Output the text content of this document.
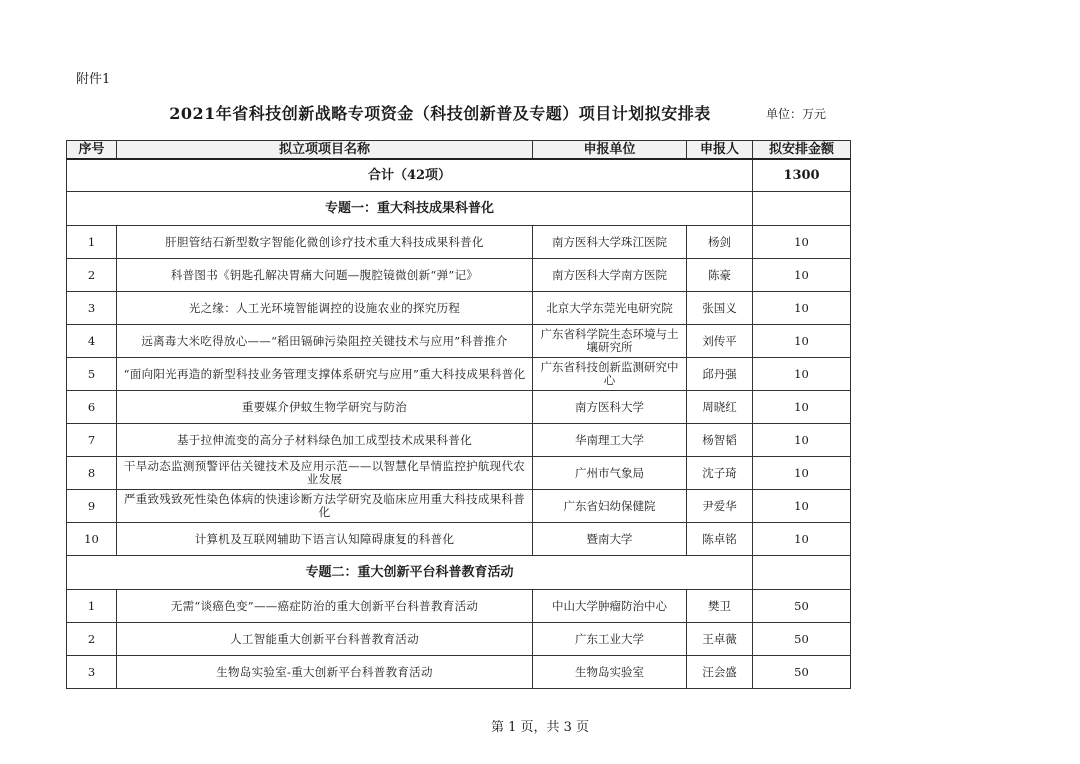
附件1
2021年省科技创新战略专项资金（科技创新普及专题）项目计划拟安排表	单位：万元
序号	拟立项项目名称	申报单位	申报人	拟安排金额
合计（42项）				1300
专题一：重大科技成果科普化				
1	肝胆管结石新型数字智能化微创诊疗技术重大科技成果科普化	南方医科大学珠江医院	杨剑	10
2	科普图书《钥匙孔解决胃痛大问题—腹腔镜微创新“弹”记》	南方医科大学南方医院	陈豪	10
3	光之缘：人工光环境智能调控的设施农业的探究历程	北京大学东莞光电研究院	张国义	10
4	远离毒大米吃得放心——“稻田镉砷污染阻控关键技术与应用”科普推介	广东省科学院生态环境与土壤研究所	刘传平	10
5	“面向阳光再造的新型科技业务管理支撑体系研究与应用”重大科技成果科普化	广东省科技创新监测研究中心	邱丹强	10
6	重要媒介伊蚊生物学研究与防治	南方医科大学	周晓红	10
7	基于拉伸流变的高分子材料绿色加工成型技术成果科普化	华南理工大学	杨智韬	10
8	干旱动态监测预警评估关键技术及应用示范——以智慧化旱情监控护航现代农业发展	广州市气象局	沈子琦	10
9	严重致残致死性染色体病的快速诊断方法学研究及临床应用重大科技成果科普化	广东省妇幼保健院	尹爱华	10
10	计算机及互联网辅助下语言认知障碍康复的科普化	暨南大学	陈卓铭	10
专题二：重大创新平台科普教育活动				
1	无需“谈癌色变”——癌症防治的重大创新平台科普教育活动	中山大学肿瘤防治中心	樊卫	50
2	人工智能重大创新平台科普教育活动	广东工业大学	王卓薇	50
3	生物岛实验室-重大创新平台科普教育活动	生物岛实验室	汪会盛	50
第 1 页，共 3 页
